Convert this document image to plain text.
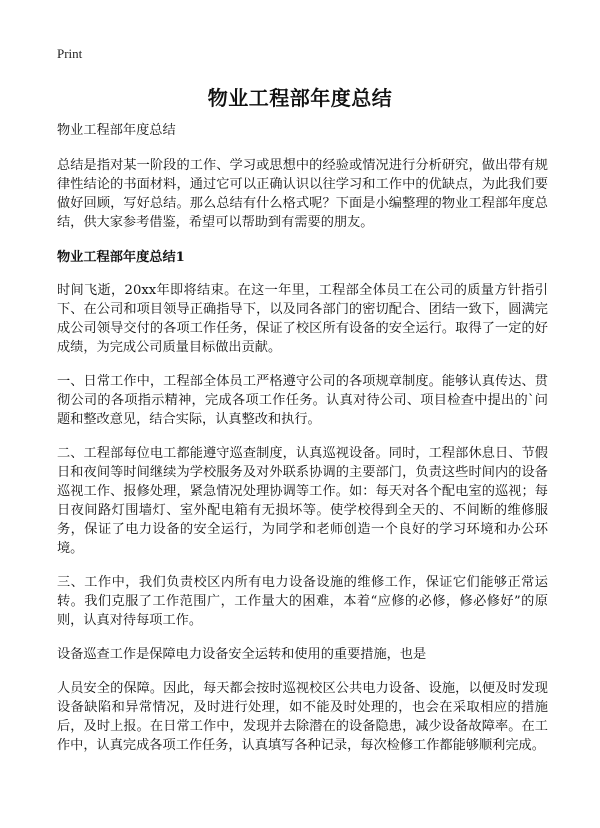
Print
物业工程部年度总结

物业工程部年度总结

总结是指对某一阶段的工作、学习或思想中的经验或情况进行分析研究，做出带有规律性结论的书面材料，通过它可以正确认识以往学习和工作中的优缺点，为此我们要做好回顾，写好总结。那么总结有什么格式呢？下面是小编整理的物业工程部年度总结，供大家参考借鉴，希望可以帮助到有需要的朋友。

物业工程部年度总结1

时间飞逝，20xx年即将结束。在这一年里，工程部全体员工在公司的质量方针指引下、在公司和项目领导正确指导下，以及同各部门的密切配合、团结一致下，圆满完成公司领导交付的各项工作任务，保证了校区所有设备的安全运行。取得了一定的好成绩，为完成公司质量目标做出贡献。

一、日常工作中，工程部全体员工严格遵守公司的各项规章制度。能够认真传达、贯彻公司的各项指示精神，完成各项工作任务。认真对待公司、项目检查中提出的`问题和整改意见，结合实际，认真整改和执行。

二、工程部每位电工都能遵守巡查制度，认真巡视设备。同时，工程部休息日、节假日和夜间等时间继续为学校服务及对外联系协调的主要部门，负责这些时间内的设备巡视工作、报修处理，紧急情况处理协调等工作。如：每天对各个配电室的巡视；每日夜间路灯围墙灯、室外配电箱有无损坏等。使学校得到全天的、不间断的维修服务，保证了电力设备的安全运行，为同学和老师创造一个良好的学习环境和办公环境。

三、工作中，我们负责校区内所有电力设备设施的维修工作，保证它们能够正常运转。我们克服了工作范围广，工作量大的困难，本着“应修的必修，修必修好”的原则，认真对待每项工作。

设备巡查工作是保障电力设备安全运转和使用的重要措施，也是

人员安全的保障。因此，每天都会按时巡视校区公共电力设备、设施，以便及时发现设备缺陷和异常情况，及时进行处理，如不能及时处理的，也会在采取相应的措施后，及时上报。在日常工作中，发现并去除潜在的设备隐患，减少设备故障率。在工作中，认真完成各项工作任务，认真填写各种记录，每次检修工作都能够顺利完成。
